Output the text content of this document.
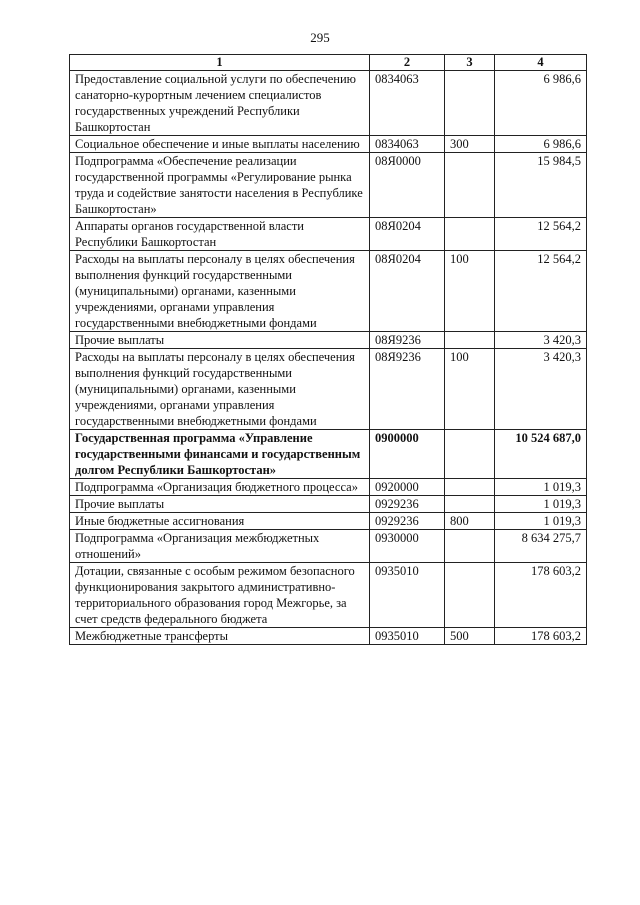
295
1	2	3	4
Предоставление социальной услуги по обеспечению санаторно-курортным лечением специалистов государственных учреждений Республики Башкортостан	0834063		6 986,6
Социальное обеспечение и иные выплаты населению	0834063	300	6 986,6
Подпрограмма «Обеспечение реализации государственной программы «Регулирование рынка труда и содействие занятости населения в Республике Башкортостан»	08Я0000		15 984,5
Аппараты органов государственной власти Республики Башкортостан	08Я0204		12 564,2
Расходы на выплаты персоналу в целях обеспечения выполнения функций государственными (муниципальными) органами, казенными учреждениями, органами управления государственными внебюджетными фондами	08Я0204	100	12 564,2
Прочие выплаты	08Я9236		3 420,3
Расходы на выплаты персоналу в целях обеспечения выполнения функций государственными (муниципальными) органами, казенными учреждениями, органами управления государственными внебюджетными фондами	08Я9236	100	3 420,3
Государственная программа «Управление государственными финансами и государственным долгом Республики Башкортостан»	0900000		10 524 687,0
Подпрограмма «Организация бюджетного процесса»	0920000		1 019,3
Прочие выплаты	0929236		1 019,3
Иные бюджетные ассигнования	0929236	800	1 019,3
Подпрограмма «Организация межбюджетных отношений»	0930000		8 634 275,7
Дотации, связанные с особым режимом безопасного функционирования закрытого административно-территориального образования город Межгорье, за счет средств федерального бюджета	0935010		178 603,2
Межбюджетные трансферты	0935010	500	178 603,2
